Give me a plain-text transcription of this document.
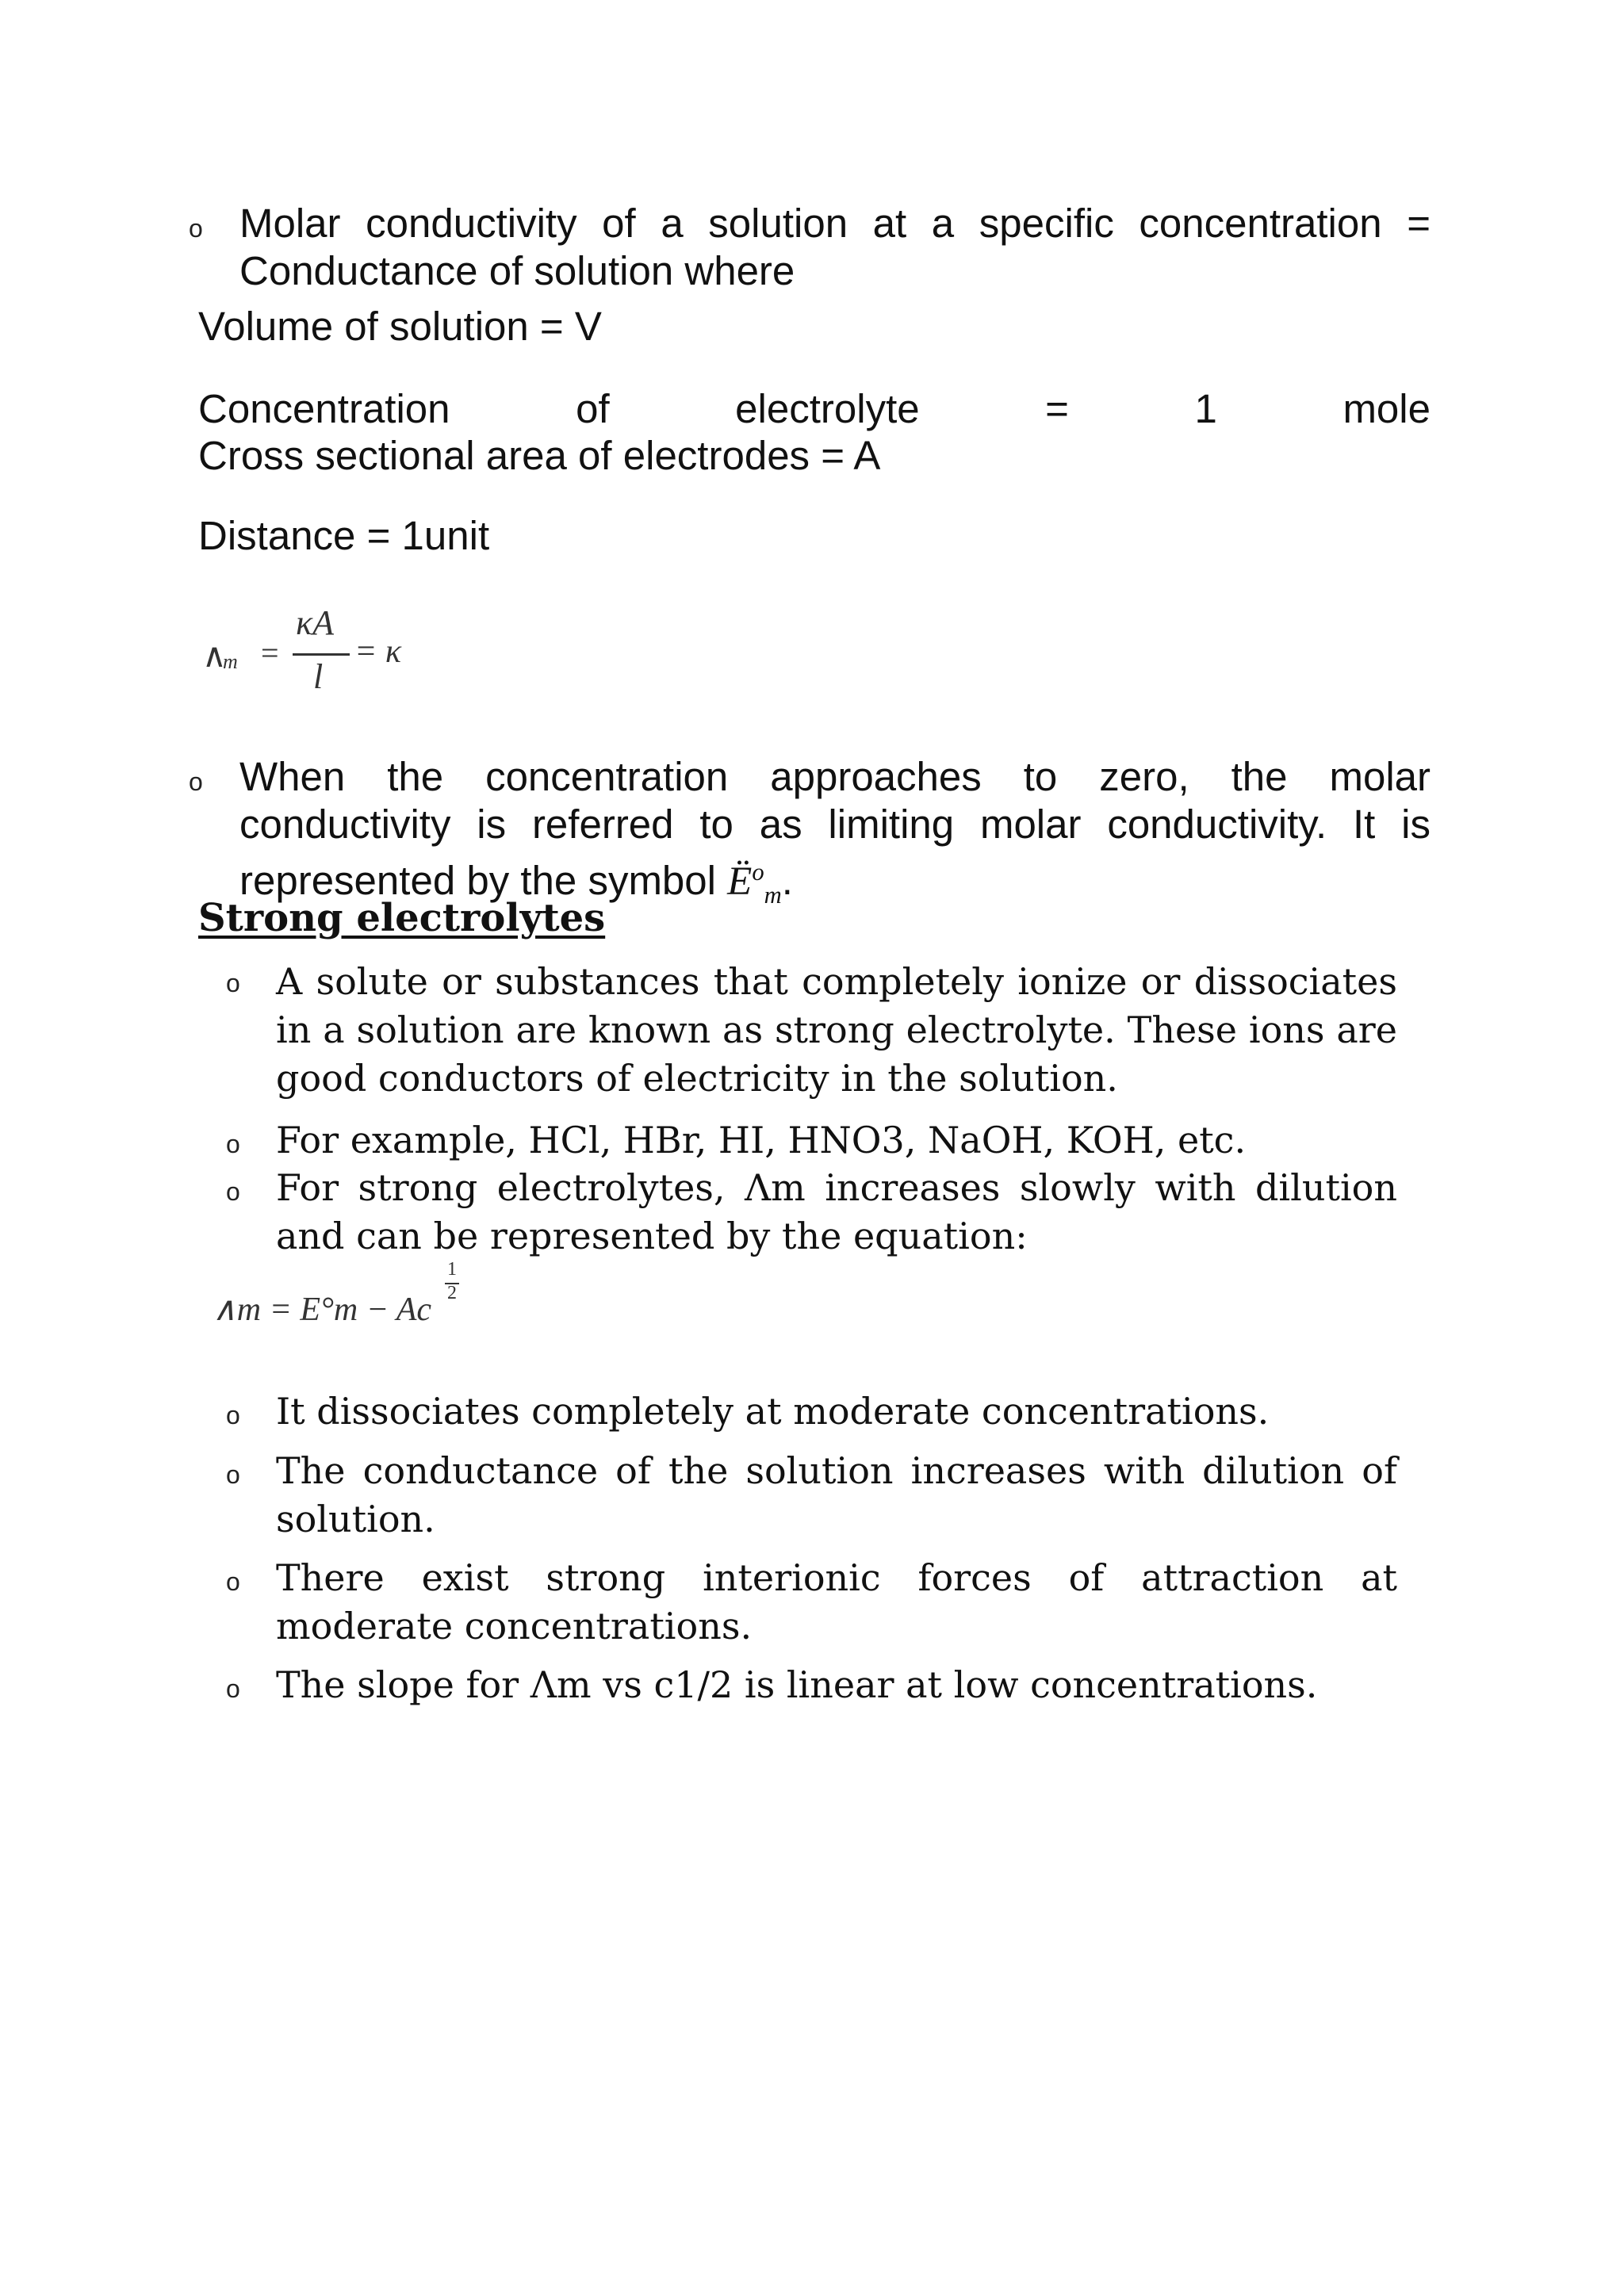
o Molar conductivity of a solution at a specific concentration = Conductance of solution where
Volume of solution = V
Concentration of electrolyte = 1 mole
Cross sectional area of electrodes = A
Distance = 1unit
∧
m =
κA
l
= κ
o When the concentration approaches to zero, the molar conductivity is referred to as limiting molar conductivity. It is represented by the symbol $Ë^o_m$.
Strong electrolytes
o A solute or substances that completely ionize or dissociates in a solution are known as strong electrolyte. These ions are good conductors of electricity in the solution.
o For example, HCl, HBr, HI, HNO3, NaOH, KOH, etc.
o For strong electrolytes, Λm increases slowly with dilution and can be represented by the equation:
∧m = E°m − Ac
1
2
o It dissociates completely at moderate concentrations.
o The conductance of the solution increases with dilution of solution.
o There exist strong interionic forces of attraction at moderate concentrations.
o The slope for Λm vs c1/2 is linear at low concentrations.
